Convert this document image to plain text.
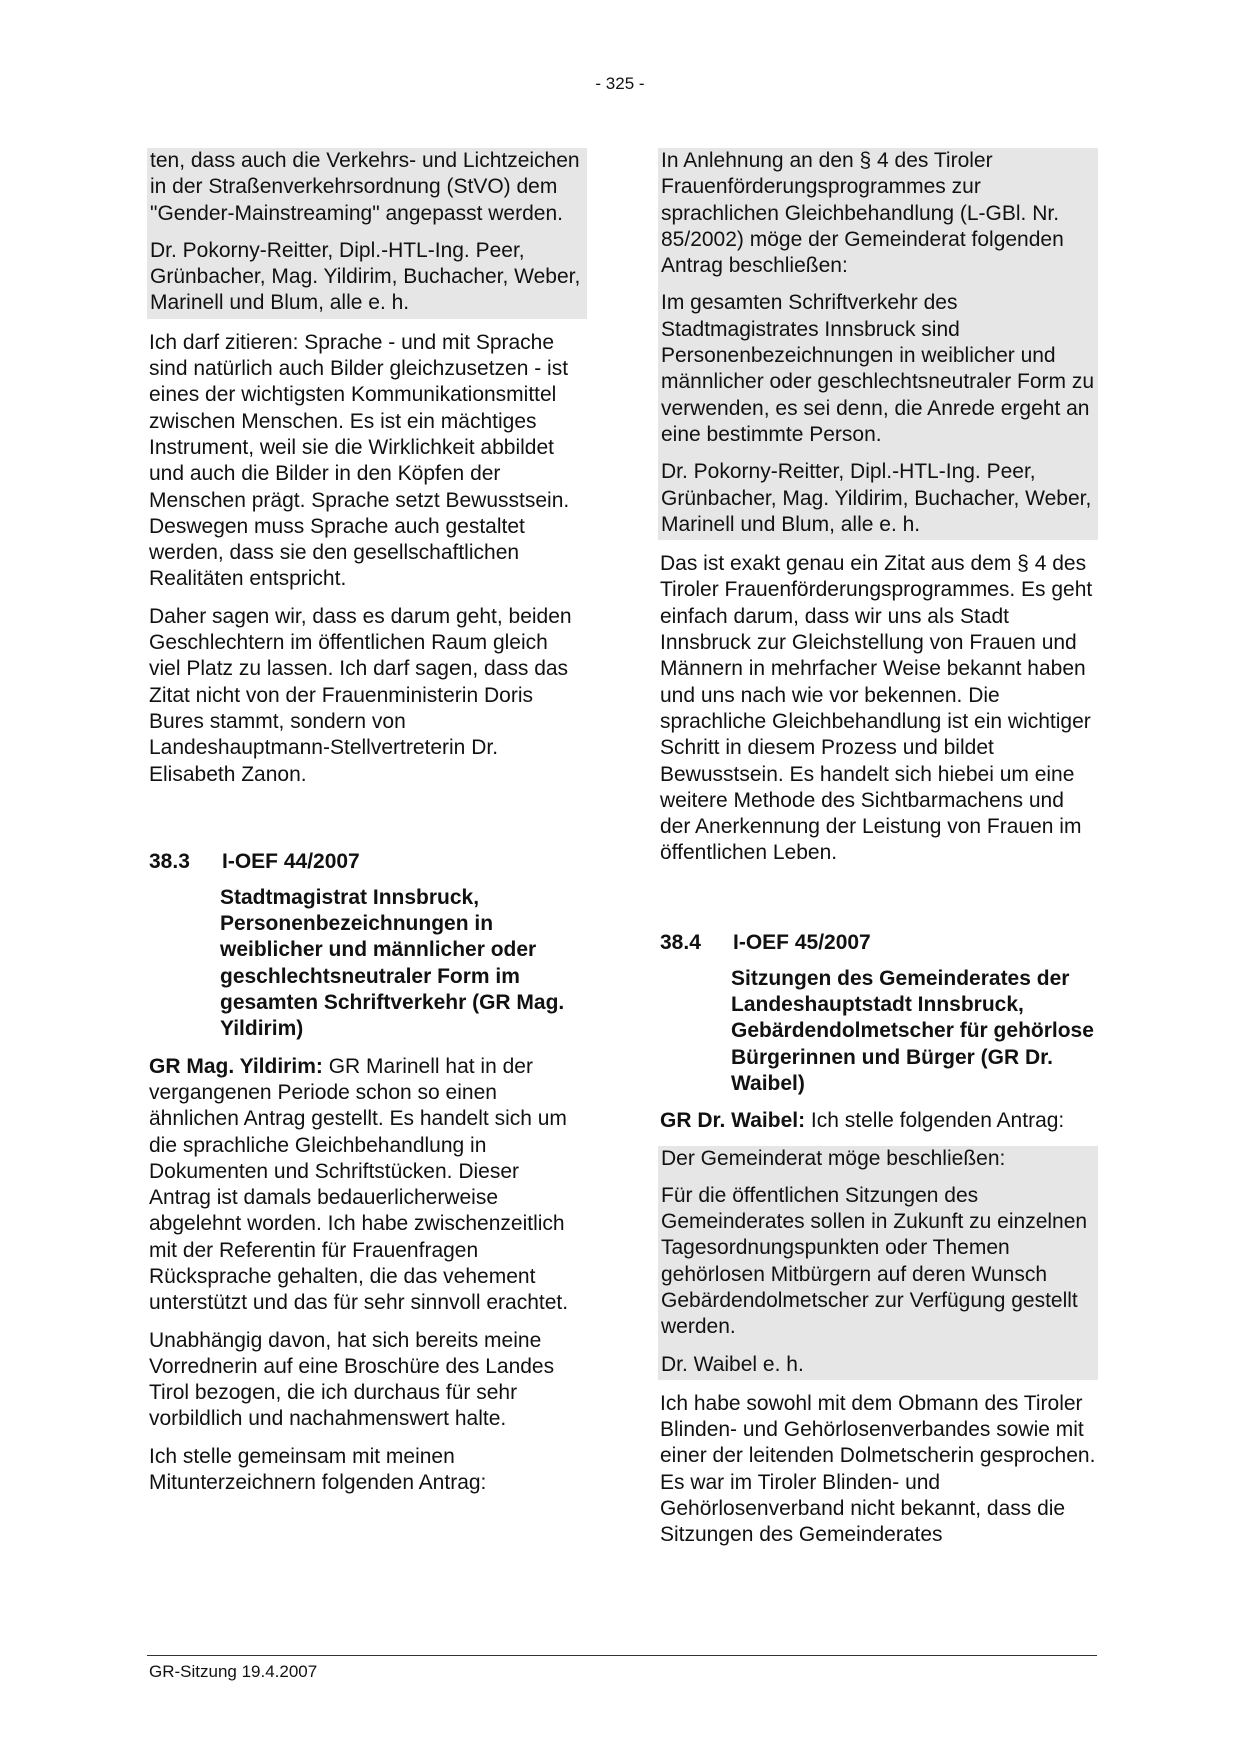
- 325 -

ten, dass auch die Verkehrs- und Lichtzeichen in der Straßenverkehrsordnung (StVO) dem "Gender-Mainstreaming" angepasst werden.

Dr. Pokorny-Reitter, Dipl.-HTL-Ing. Peer, Grünbacher, Mag. Yildirim, Buchacher, Weber, Marinell und Blum, alle e. h.

Ich darf zitieren: Sprache - und mit Sprache sind natürlich auch Bilder gleichzusetzen - ist eines der wichtigsten Kommunikationsmittel zwischen Menschen. Es ist ein mächtiges Instrument, weil sie die Wirklichkeit abbildet und auch die Bilder in den Köpfen der Menschen prägt. Sprache setzt Bewusstsein. Deswegen muss Sprache auch gestaltet werden, dass sie den gesellschaftlichen Realitäten entspricht.

Daher sagen wir, dass es darum geht, beiden Geschlechtern im öffentlichen Raum gleich viel Platz zu lassen. Ich darf sagen, dass das Zitat nicht von der Frauenministerin Doris Bures stammt, sondern von Landeshauptmann-Stellvertreterin Dr. Elisabeth Zanon.

38.3	I-OEF 44/2007
Stadtmagistrat Innsbruck, Personenbezeichnungen in weiblicher und männlicher oder geschlechtsneutraler Form im gesamten Schriftverkehr (GR Mag. Yildirim)

GR Mag. Yildirim: GR Marinell hat in der vergangenen Periode schon so einen ähnlichen Antrag gestellt. Es handelt sich um die sprachliche Gleichbehandlung in Dokumenten und Schriftstücken. Dieser Antrag ist damals bedauerlicherweise abgelehnt worden. Ich habe zwischenzeitlich mit der Referentin für Frauenfragen Rücksprache gehalten, die das vehement unterstützt und das für sehr sinnvoll erachtet.

Unabhängig davon, hat sich bereits meine Vorrednerin auf eine Broschüre des Landes Tirol bezogen, die ich durchaus für sehr vorbildlich und nachahmenswert halte.

Ich stelle gemeinsam mit meinen Mitunterzeichnern folgenden Antrag:

In Anlehnung an den § 4 des Tiroler Frauenförderungsprogrammes zur sprachlichen Gleichbehandlung (L-GBl. Nr. 85/2002) möge der Gemeinderat folgenden Antrag beschließen:

Im gesamten Schriftverkehr des Stadtmagistrates Innsbruck sind Personenbezeichnungen in weiblicher und männlicher oder geschlechtsneutraler Form zu verwenden, es sei denn, die Anrede ergeht an eine bestimmte Person.

Dr. Pokorny-Reitter, Dipl.-HTL-Ing. Peer, Grünbacher, Mag. Yildirim, Buchacher, Weber, Marinell und Blum, alle e. h.

Das ist exakt genau ein Zitat aus dem § 4 des Tiroler Frauenförderungsprogrammes. Es geht einfach darum, dass wir uns als Stadt Innsbruck zur Gleichstellung von Frauen und Männern in mehrfacher Weise bekannt haben und uns nach wie vor bekennen. Die sprachliche Gleichbehandlung ist ein wichtiger Schritt in diesem Prozess und bildet Bewusstsein. Es handelt sich hiebei um eine weitere Methode des Sichtbarmachens und der Anerkennung der Leistung von Frauen im öffentlichen Leben.

38.4	I-OEF 45/2007
Sitzungen des Gemeinderates der Landeshauptstadt Innsbruck, Gebärdendolmetscher für gehörlose Bürgerinnen und Bürger (GR Dr. Waibel)

GR Dr. Waibel: Ich stelle folgenden Antrag:

Der Gemeinderat möge beschließen:

Für die öffentlichen Sitzungen des Gemeinderates sollen in Zukunft zu einzelnen Tagesordnungspunkten oder Themen gehörlosen Mitbürgern auf deren Wunsch Gebärdendolmetscher zur Verfügung gestellt werden.

Dr. Waibel e. h.

Ich habe sowohl mit dem Obmann des Tiroler Blinden- und Gehörlosenverbandes sowie mit einer der leitenden Dolmetscherin gesprochen. Es war im Tiroler Blinden- und Gehörlosenverband nicht bekannt, dass die Sitzungen des Gemeinderates

GR-Sitzung 19.4.2007
